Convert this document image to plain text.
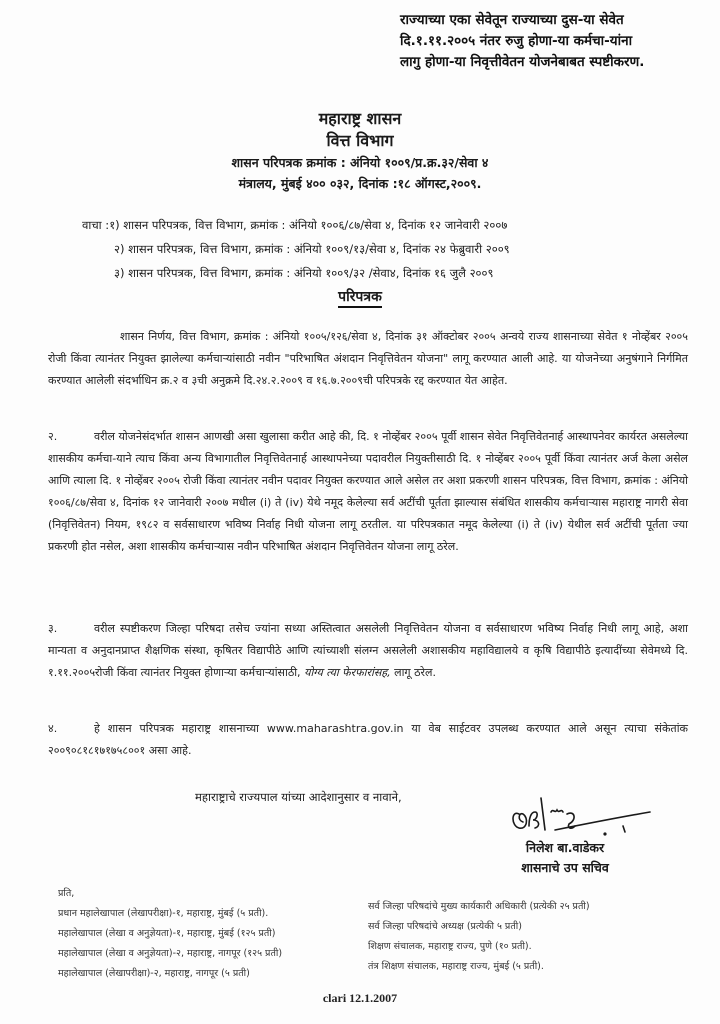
राज्याच्या एका सेवेतून राज्याच्या दुस-या सेवेत
दि.१.११.२००५ नंतर रुजु होणा-या कर्मचा-यांना
लागु होणा-या निवृत्तीवेतन योजनेबाबत स्पष्टीकरण.
महाराष्ट्र शासन
वित्त विभाग
शासन परिपत्रक क्रमांक : अंनियो १००९/प्र.क्र.३२/सेवा ४
मंत्रालय, मुंबई ४०० ०३२, दिनांक :१८ ऑगस्ट,२००९.
वाचा :१) शासन परिपत्रक, वित्त विभाग, क्रमांक : अंनियो १००६/८७/सेवा ४, दिनांक १२ जानेवारी २००७
२) शासन परिपत्रक, वित्त विभाग, क्रमांक : अंनियो १००९/१३/सेवा ४, दिनांक २४ फेब्रुवारी २००९
३) शासन परिपत्रक, वित्त विभाग, क्रमांक : अंनियो १००९/३२ /सेवा४, दिनांक १६ जुलै २००९
परिपत्रक
शासन निर्णय, वित्त विभाग, क्रमांक : अंनियो १००५/१२६/सेवा ४, दिनांक ३१ ऑक्टोबर २००५ अन्वये राज्य शासनाच्या सेवेत १ नोव्हेंबर २००५ रोजी किंवा त्यानंतर नियुक्त झालेल्या कर्मचाऱ्यांसाठी नवीन "परिभाषित अंशदान निवृत्तिवेतन योजना" लागू करण्यात आली आहे. या योजनेच्या अनुषंगाने निर्गमित करण्यात आलेली संदर्भाधिन क्र.२ व ३ची अनुक्रमे दि.२४.२.२००९ व १६.७.२००९ची परिपत्रके रद्द करण्यात येत आहेत.
२.	वरील योजनेसंदर्भात शासन आणखी असा खुलासा करीत आहे की, दि. १ नोव्हेंबर २००५ पूर्वी शासन सेवेत निवृत्तिवेतनार्ह आस्थापनेवर कार्यरत असलेल्या शासकीय कर्मचा-याने त्याच किंवा अन्य विभागातील निवृत्तिवेतनार्ह आस्थापनेच्या पदावरील नियुक्तीसाठी दि. १ नोव्हेंबर २००५ पूर्वी किंवा त्यानंतर अर्ज केला असेल आणि त्याला दि. १ नोव्हेंबर २००५ रोजी किंवा त्यानंतर नवीन पदावर नियुक्त करण्यात आले असेल तर अशा प्रकरणी शासन परिपत्रक, वित्त विभाग, क्रमांक : अंनियो १००६/८७/सेवा ४, दिनांक १२ जानेवारी २००७ मधील (i) ते (iv) येथे नमूद केलेल्या सर्व अटींची पूर्तता झाल्यास संबंधित शासकीय कर्मचाऱ्यास महाराष्ट्र नागरी सेवा (निवृत्तिवेतन) नियम, १९८२ व सर्वसाधारण भविष्य निर्वाह निधी योजना लागू ठरतील. या परिपत्रकात नमूद केलेल्या (i) ते (iv) येथील सर्व अटींची पूर्तता ज्या प्रकरणी होत नसेल, अशा शासकीय कर्मचाऱ्यास नवीन परिभाषित अंशदान निवृत्तिवेतन योजना लागू ठरेल.
३.	वरील स्पष्टीकरण जिल्हा परिषदा तसेच ज्यांना सध्या अस्तित्वात असलेली निवृत्तिवेतन योजना व सर्वसाधारण भविष्य निर्वाह निधी लागू आहे, अशा मान्यता व अनुदानप्राप्त शैक्षणिक संस्था, कृषितर विद्यापीठे आणि त्यांच्याशी संलग्न असलेली अशासकीय महाविद्यालये व कृषि विद्यापीठे इत्यादींच्या सेवेमध्ये दि. १.११.२००५रोजी किंवा त्यानंतर नियुक्त होणाऱ्या कर्मचाऱ्यांसाठी, योग्य त्या फेरफारांसह, लागू ठरेल.
४.	हे शासन परिपत्रक महाराष्ट्र शासनाच्या www.maharashtra.gov.in या वेब साईटवर उपलब्ध करण्यात आले असून त्याचा संकेतांक २००९०८१८१७१७५८००१ असा आहे.
महाराष्ट्राचे राज्यपाल यांच्या आदेशानुसार व नावाने,
निलेश बा.वाडेकर
शासनाचे उप सचिव
प्रति,
प्रधान महालेखापाल (लेखापरीक्षा)-१, महाराष्ट्र, मुंबई (५ प्रती).
महालेखापाल (लेखा व अनुज्ञेयता)-१, महाराष्ट्र, मुंबई (१२५ प्रती)
महालेखापाल (लेखा व अनुज्ञेयता)-२, महाराष्ट्र, नागपूर (१२५ प्रती)
महालेखापाल (लेखापरीक्षा)-२, महाराष्ट्र, नागपूर (५ प्रती)
सर्व जिल्हा परिषदांचे मुख्य कार्यकारी अधिकारी (प्रत्येकी २५ प्रती)
सर्व जिल्हा परिषदांचे अध्यक्ष (प्रत्येकी ५ प्रती)
शिक्षण संचालक, महाराष्ट्र राज्य, पुणे (१० प्रती).
तंत्र शिक्षण संचालक, महाराष्ट्र राज्य, मुंबई (५ प्रती).
clari 12.1.2007
